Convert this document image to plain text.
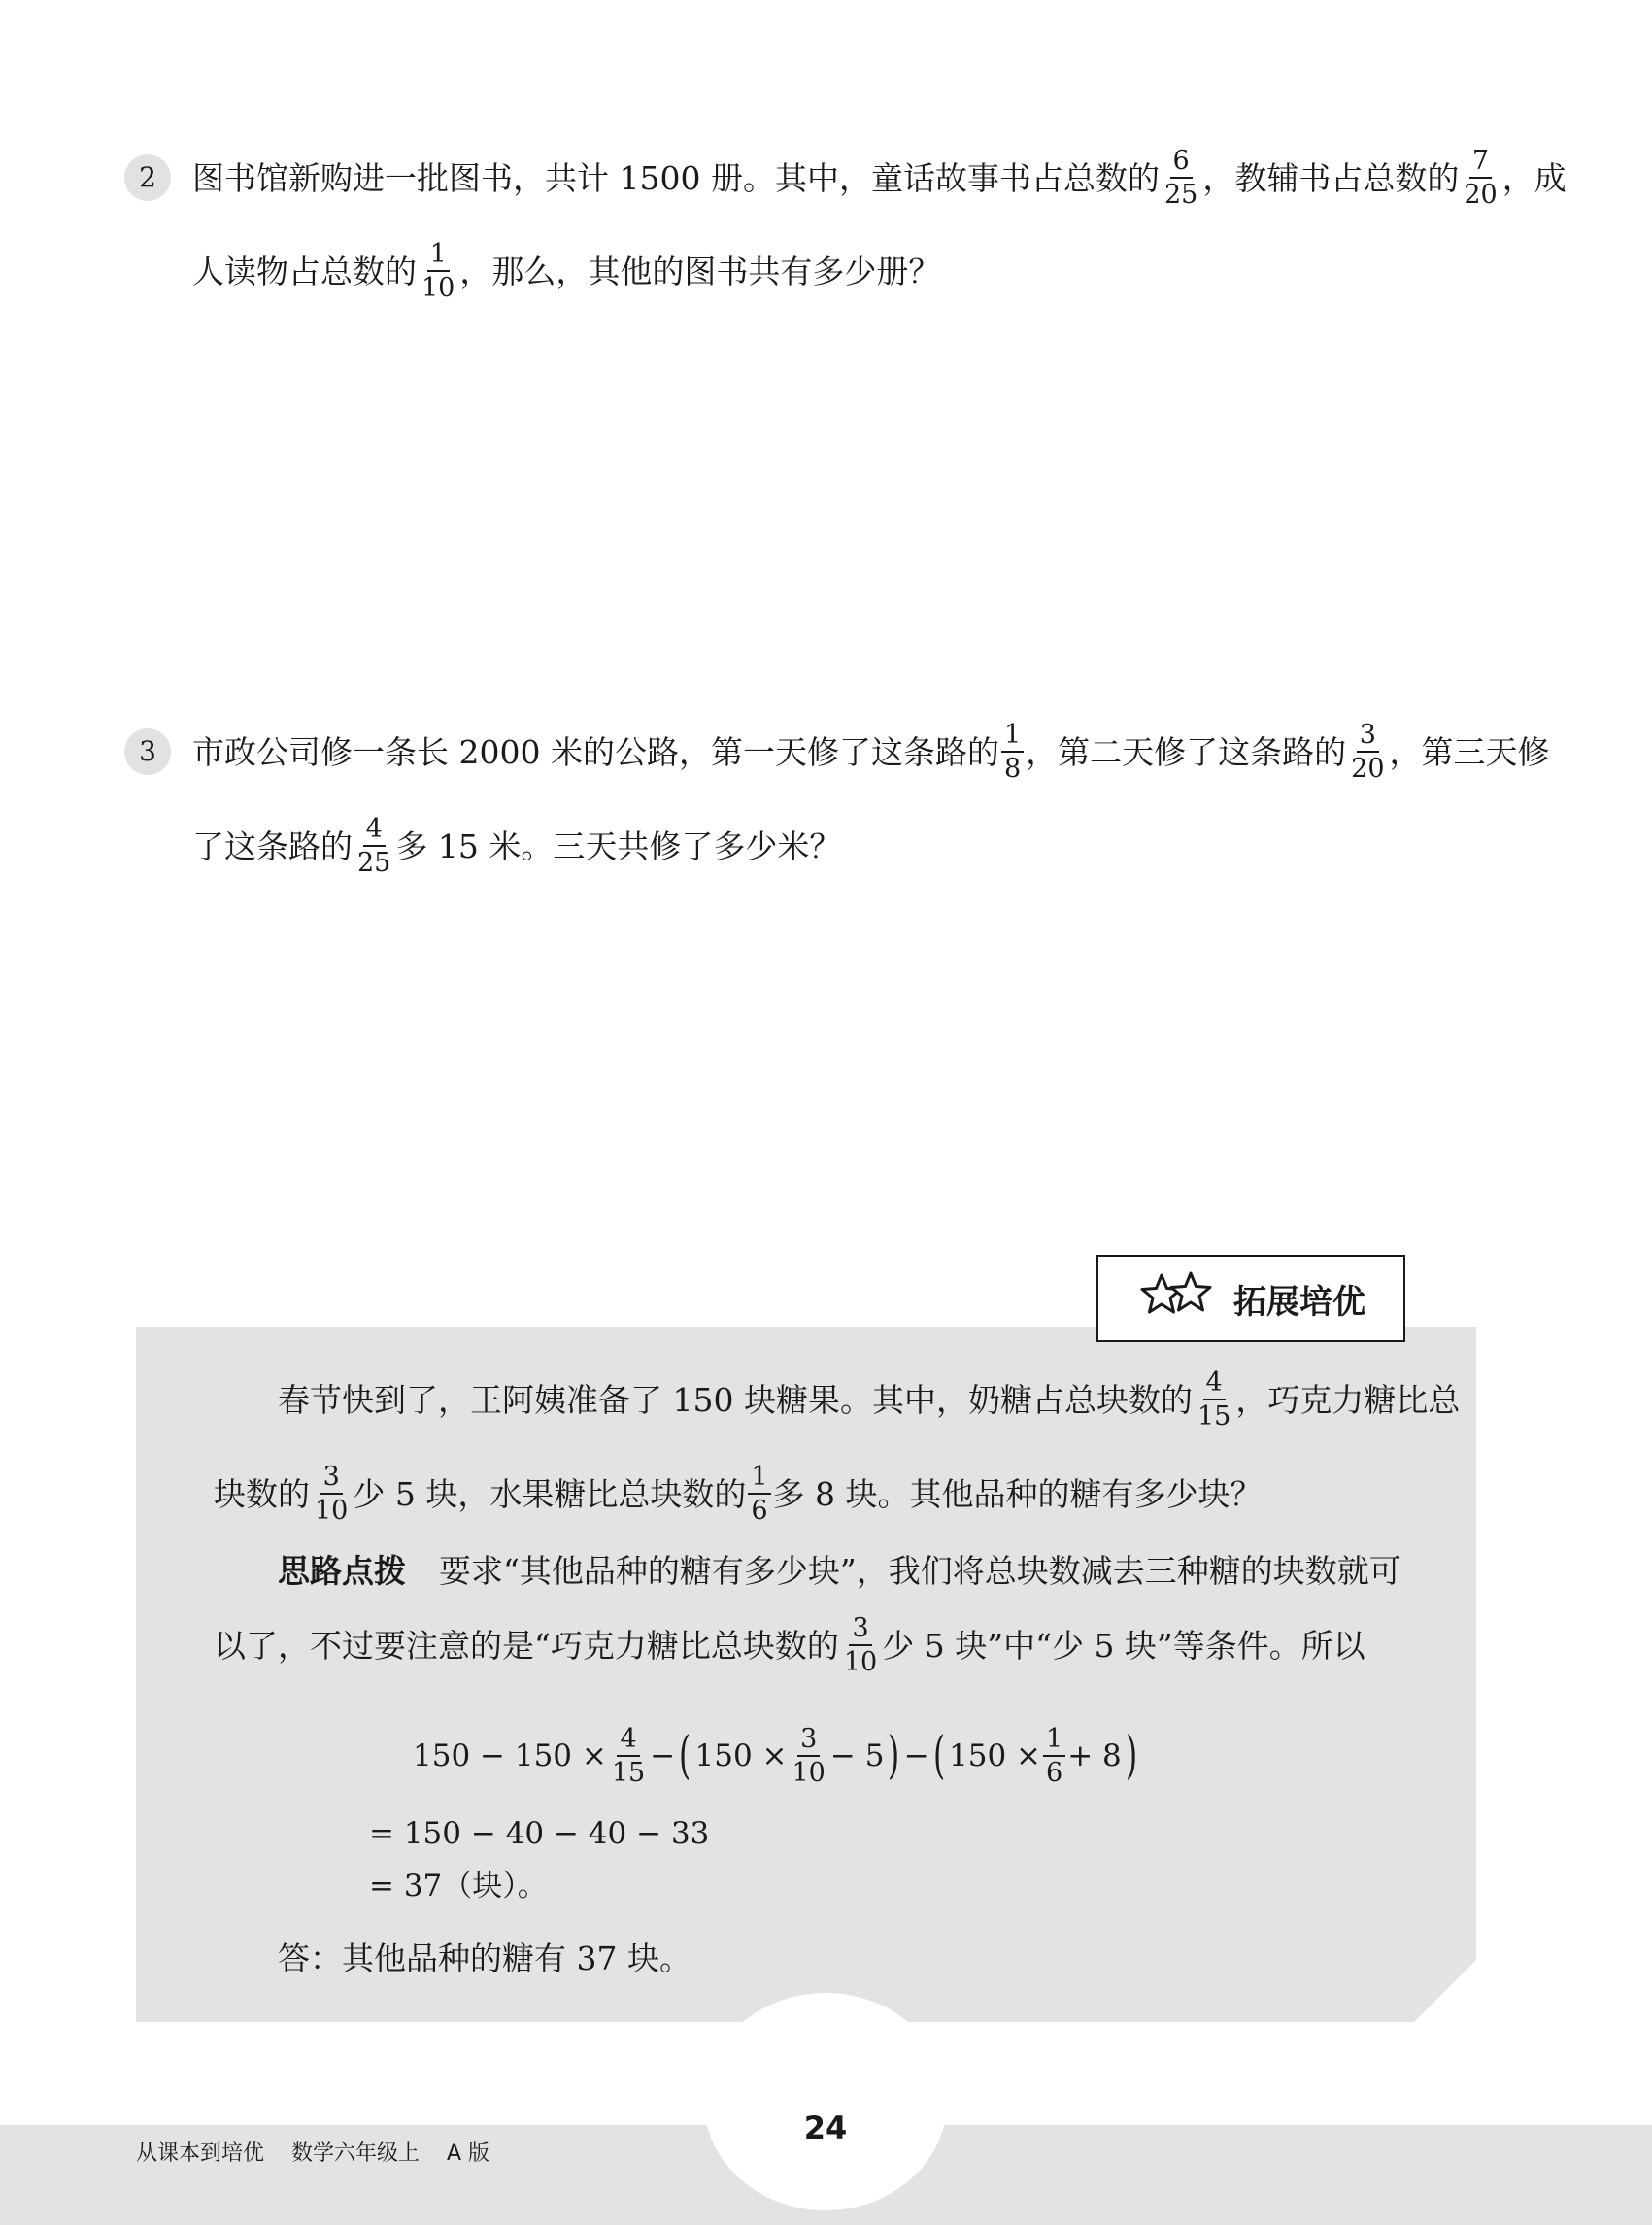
2	图书馆新购进一批图书，共计 1500 册。其中，童话故事书占总数的 $\frac{6}{25}$ ，教辅书占总数的 $\frac{7}{20}$ ，成
人读物占总数的 $\frac{1}{10}$ ，那么，其他的图书共有多少册？
3	市政公司修一条长 2000 米的公路，第一天修了这条路的 $\frac{1}{8}$ ，第二天修了这条路的 $\frac{3}{20}$ ，第三天修
了这条路的 $\frac{4}{25}$ 多 15 米。三天共修了多少米？
拓展培优
春节快到了，王阿姨准备了 150 块糖果。其中，奶糖占总块数的 $\frac{4}{15}$ ，巧克力糖比总
块数的 $\frac{3}{10}$ 少 5 块，水果糖比总块数的 $\frac{1}{6}$ 多 8 块。其他品种的糖有多少块？
思路点拨 要求“其他品种的糖有多少块”，我们将总块数减去三种糖的块数就可
以了，不过要注意的是“巧克力糖比总块数的 $\frac{3}{10}$ 少 5 块”中“少 5 块”等条件。所以
$150 - 150 \times \frac{4}{15}$ − ( $150 \times \frac{3}{10} - 5$ ) − ( $150 \times \frac{1}{6} + 8$ )
= 150 − 40 − 40 − 33
= 37（块）。
答：其他品种的糖有 37 块。
从课本到培优 数学六年级上 A 版
24
